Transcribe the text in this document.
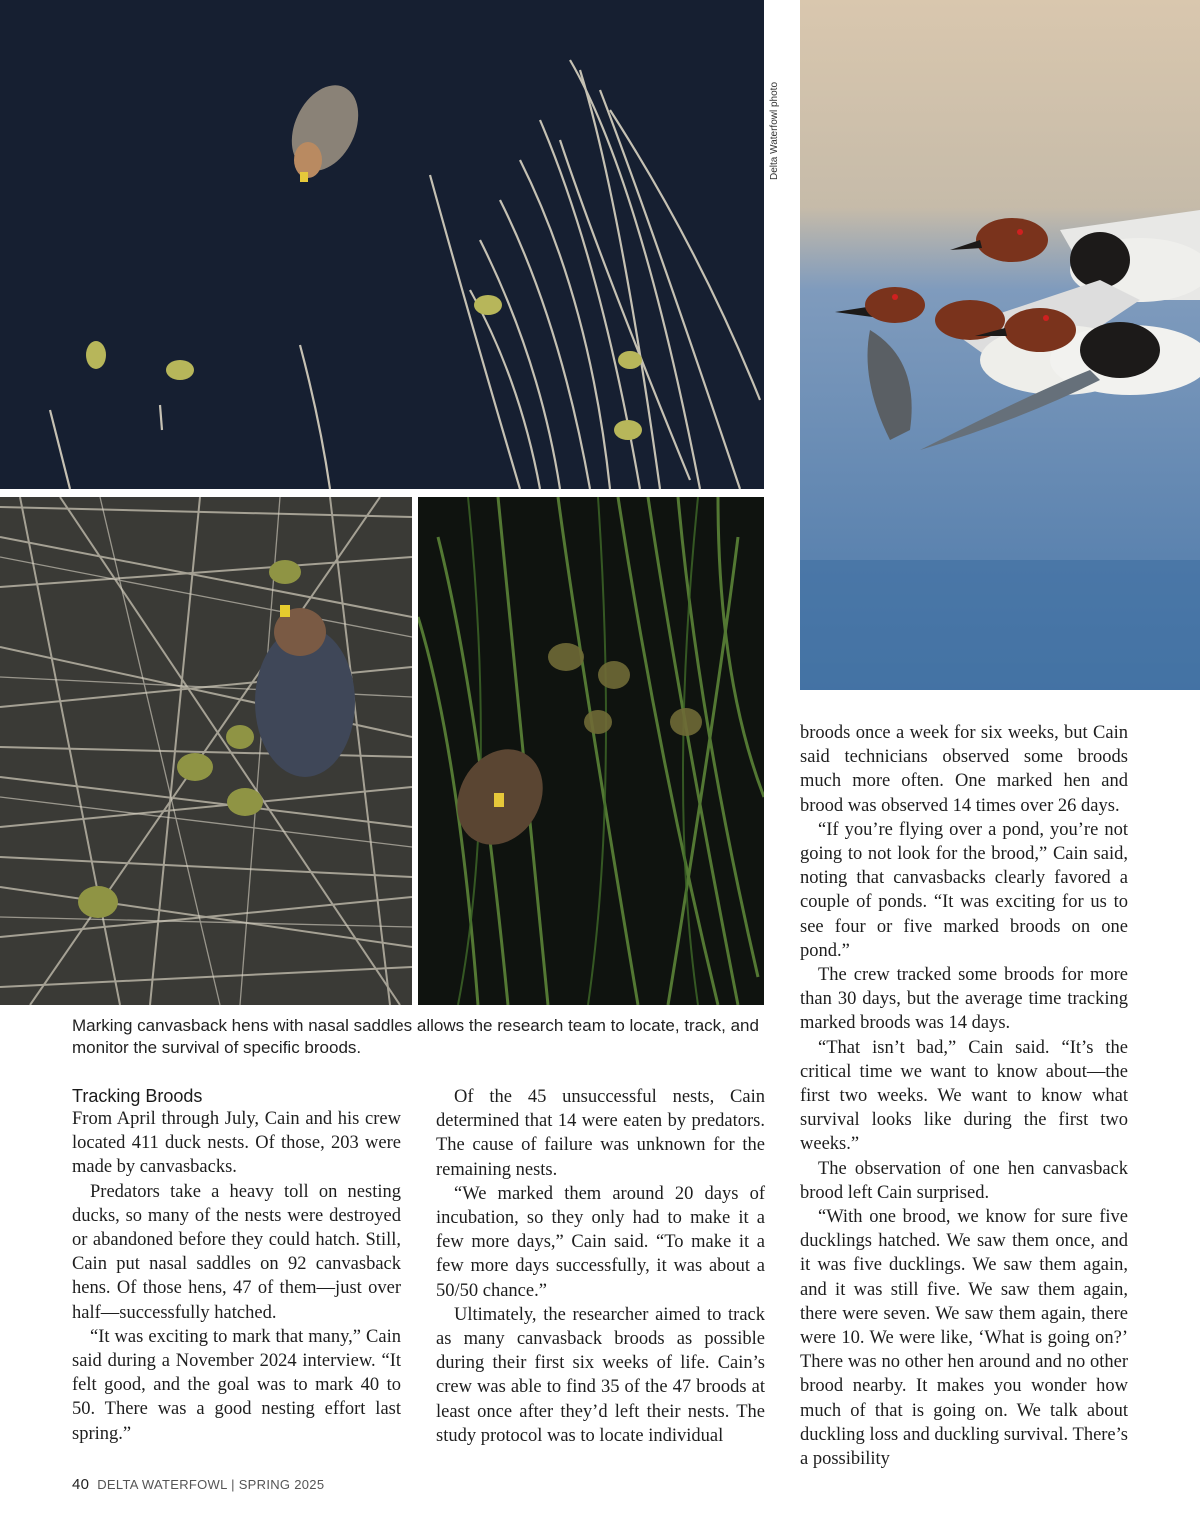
Delta Waterfowl photo
Marking canvasback hens with nasal saddles allows the research team to locate, track, and monitor the survival of specific broods.
Tracking Broods

From April through July, Cain and his crew located 411 duck nests. Of those, 203 were made by canvasbacks.

Predators take a heavy toll on nesting ducks, so many of the nests were destroyed or abandoned before they could hatch. Still, Cain put nasal saddles on 92 canvasback hens. Of those hens, 47 of them—just over half—successfully hatched.

“It was exciting to mark that many,” Cain said during a November 2024 interview. “It felt good, and the goal was to mark 40 to 50. There was a good nesting effort last spring.”

Of the 45 unsuccessful nests, Cain determined that 14 were eaten by predators. The cause of failure was unknown for the remaining nests.

“We marked them around 20 days of incubation, so they only had to make it a few more days,” Cain said. “To make it a few more days successfully, it was about a 50/50 chance.”

Ultimately, the researcher aimed to track as many canvasback broods as possible during their first six weeks of life. Cain’s crew was able to find 35 of the 47 broods at least once after they’d left their nests. The study protocol was to locate individual

broods once a week for six weeks, but Cain said technicians observed some broods much more often. One marked hen and brood was observed 14 times over 26 days.

“If you’re flying over a pond, you’re not going to not look for the brood,” Cain said, noting that canvasbacks clearly favored a couple of ponds. “It was exciting for us to see four or five marked broods on one pond.”

The crew tracked some broods for more than 30 days, but the average time tracking marked broods was 14 days.

“That isn’t bad,” Cain said. “It’s the critical time we want to know about—the first two weeks. We want to know what survival looks like during the first two weeks.”

The observation of one hen canvasback brood left Cain surprised.

“With one brood, we know for sure five ducklings hatched. We saw them once, and it was five ducklings. We saw them again, and it was still five. We saw them again, there were seven. We saw them again, there were 10. We were like, ‘What is going on?’ There was no other hen around and no other brood nearby. It makes you wonder how much of that is going on. We talk about duckling loss and duckling survival. There’s a possibility

40 DELTA WATERFOWL | SPRING 2025
